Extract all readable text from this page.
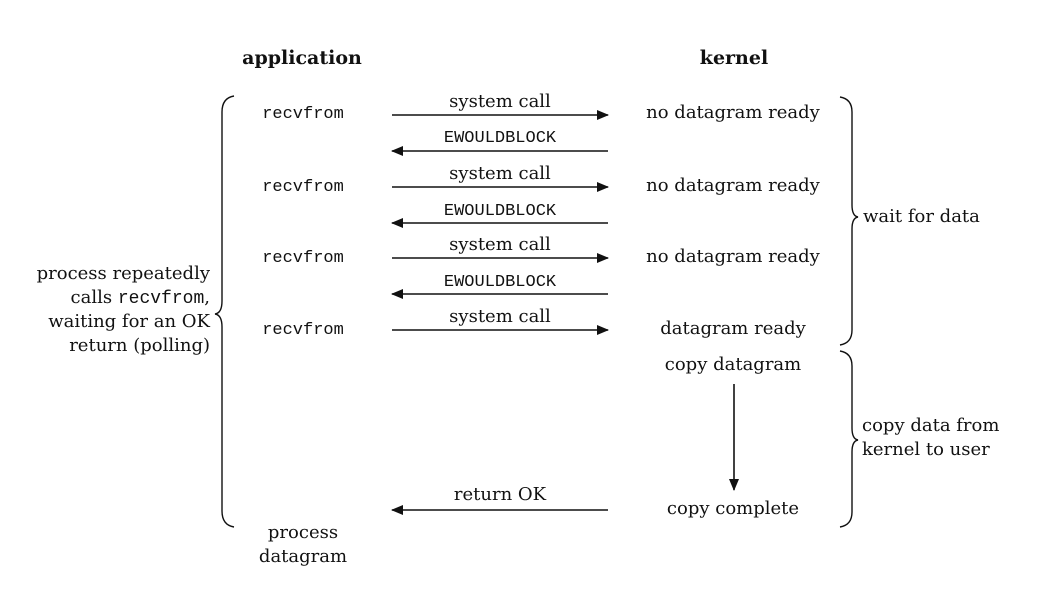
application	kernel
recvfrom
system call
no datagram ready
EWOULDBLOCK
recvfrom
system call
no datagram ready
EWOULDBLOCK
recvfrom
system call
no datagram ready
EWOULDBLOCK
recvfrom
system call
datagram ready
copy datagram
copy complete
return OK
process
datagram
process repeatedly
calls recvfrom,
waiting for an OK
return (polling)
wait for data
copy data from
kernel to user
